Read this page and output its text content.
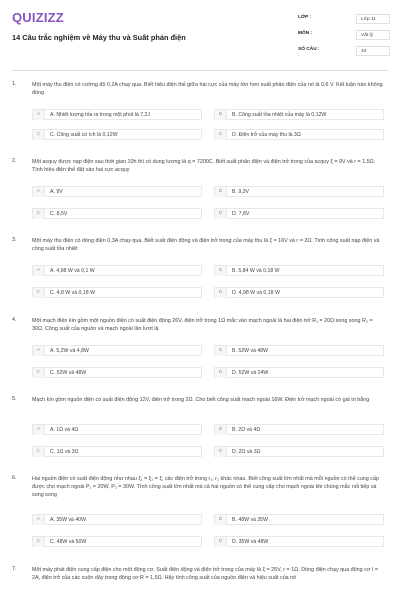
QUIZIZZ
14 Câu trắc nghiệm về Máy thu và Suất phản điện
LỚP :	Lớp 11
MÔN :	Vật lý
SỐ CÂU :	10
1.	Một máy thu điện có cường độ 0,2A chạy qua. Biết hiệu điện thế giữa hai cực của máy lớn hơn suất phản điện của nó là 0,6 V. Kết luận nào không đúng
A	A. Nhiệt lượng tỏa ra trong một phút là 7,2J	B	B. Công suất tỏa nhiệt của máy là 0,12W
C	C. Công suất có ích là 0,12W	D	D. Điện trở của máy thu là 3Ω
2.	Một acquy được nạp điện sau thời gian 10h thì có dung lượng là q = 7200C. Biết suất phản điện và điện trở trong của acquy ξ = 9V và r = 1,5Ω. Tính hiệu điện thế đặt vào hai cực acquy
A	A. 9V	B	B. 9,3V
C	C. 8,5V	D	D. 7,8V
3.	Một máy thu điện có dòng điện 0,3A chạy qua. Biết suất điện động và điện trở trong của máy thu là ξ = 16V và r = 2Ω. Tính công suất nạp điện và công suất tỏa nhiệt
A	A. 4,98 W và 0,1 W	B	B. 5,84 W và 0,18 W
C	C. 4,8 W và 0,18 W	D	D. 4,98 W và 0,18 W
4.	Một mạch điện kín gồm một nguồn điện có suất điện động 26V, điện trở trong 1Ω mắc vào mạch ngoài là hai điện trở R₁ = 20Ω song song R₂ = 30Ω. Công suất của nguồn và mạch ngoài lần lượt là
A	A. 5,2W và 4,8W	B	B. 52W và 48W
C	C. 52W và 48W	D	D. 52W và 24W
5.	Mạch kín gồm nguồn điện có suất điện động 12V, điện trở trong 2Ω. Cho biết công suất mạch ngoài 16W. Điện trở mạch ngoài có giá trị bằng
A	A. 1Ω và 4Ω	B	B. 2Ω và 4Ω
C	C. 1Ω và 3Ω	D	D. 2Ω và 3Ω
6.	Hai nguồn điện có suất điện động như nhau ξ₁ = ξ₂ = ξ, các điện trở trong r₁, r₂ khác nhau. Biết công suất lớn nhất mà mỗi nguồn có thể cung cấp được cho mạch ngoài P₁ = 20W, P₂ = 30W. Tính công suất lớn nhất mà cả hai nguồn có thể cung cấp cho mạch ngoài khi chúng mắc nối tiếp và song song
A	A. 35W và 40W	B	B. 48W và 35W
C	C. 48W và 50W	D	D. 35W và 48W
7.	Một máy phát điện cung cấp điện cho một động cơ. Suất điện động và điện trở trong của máy là ξ = 25V, r = 1Ω. Dòng điện chạy qua động cơ I = 2A, điện trở của các cuộn dây trong động cơ R = 1,5Ω. Hãy tính công suất của nguồn điện và hiệu suất của nó
